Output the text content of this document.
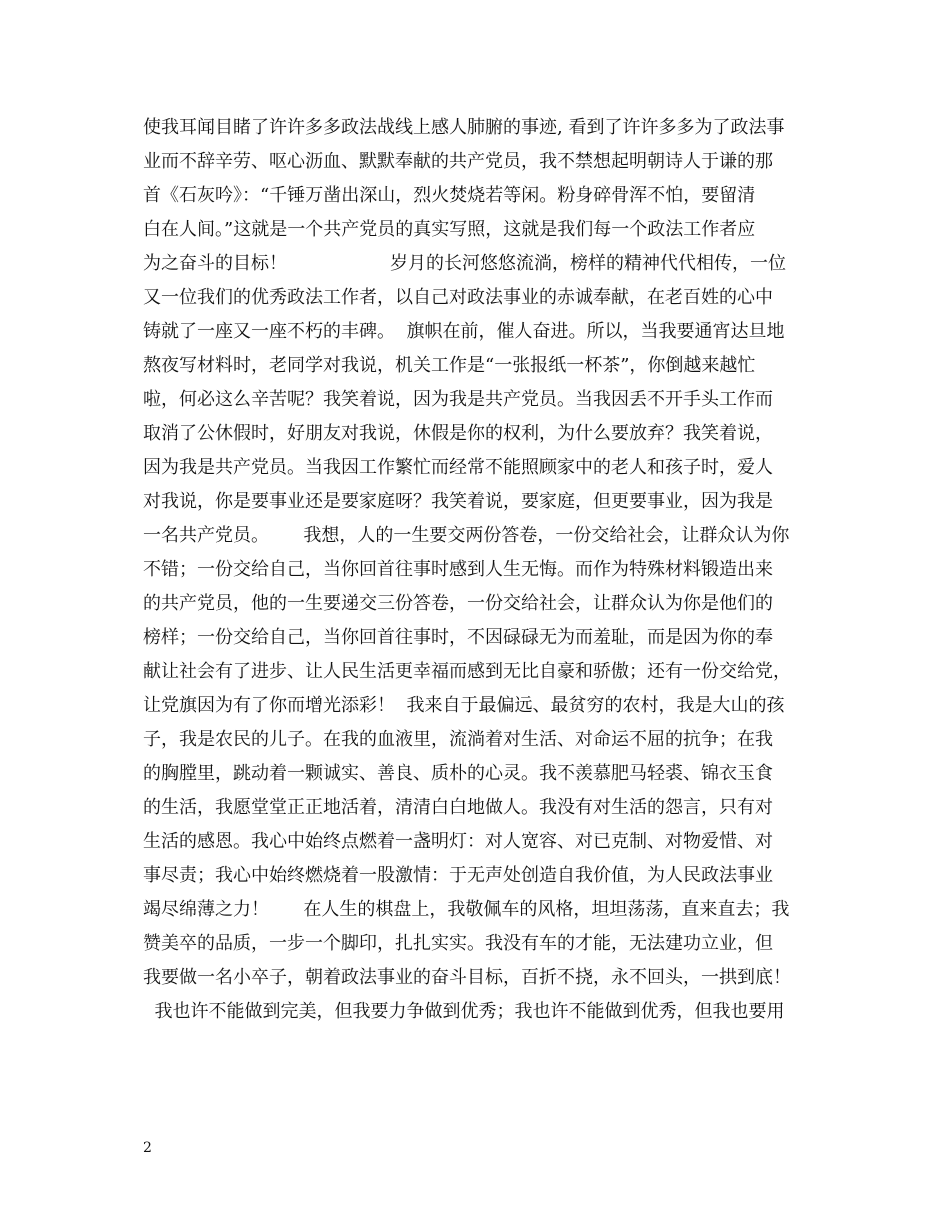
使我耳闻目睹了许许多多政法战线上感人肺腑的事迹, 看到了许许多多为了政法事
业而不辞辛劳、呕心沥血、默默奉献的共产党员，我不禁想起明朝诗人于谦的那
首《石灰吟》：“千锤万凿出深山，烈火焚烧若等闲。粉身碎骨浑不怕，要留清
白在人间。”这就是一个共产党员的真实写照，这就是我们每一个政法工作者应
为之奋斗的目标！                  岁月的长河悠悠流淌，榜样的精神代代相传，一位
又一位我们的优秀政法工作者，以自己对政法事业的赤诚奉献，在老百姓的心中
铸就了一座又一座不朽的丰碑。  旗帜在前，催人奋进。所以，当我要通宵达旦地
熬夜写材料时，老同学对我说，机关工作是“一张报纸一杯茶”，你倒越来越忙
啦，何必这么辛苦呢？我笑着说，因为我是共产党员。当我因丢不开手头工作而
取消了公休假时，好朋友对我说，休假是你的权利，为什么要放弃？我笑着说，
因为我是共产党员。当我因工作繁忙而经常不能照顾家中的老人和孩子时，爱人
对我说，你是要事业还是要家庭呀？我笑着说，要家庭，但更要事业，因为我是
一名共产党员。      我想，人的一生要交两份答卷，一份交给社会，让群众认为你
不错；一份交给自己，当你回首往事时感到人生无悔。而作为特殊材料锻造出来
的共产党员，他的一生要递交三份答卷，一份交给社会，让群众认为你是他们的
榜样；一份交给自己，当你回首往事时，不因碌碌无为而羞耻，而是因为你的奉
献让社会有了进步、让人民生活更幸福而感到无比自豪和骄傲；还有一份交给党，
让党旗因为有了你而增光添彩！  我来自于最偏远、最贫穷的农村，我是大山的孩
子，我是农民的儿子。在我的血液里，流淌着对生活、对命运不屈的抗争；在我
的胸膛里，跳动着一颗诚实、善良、质朴的心灵。我不羡慕肥马轻裘、锦衣玉食
的生活，我愿堂堂正正地活着，清清白白地做人。我没有对生活的怨言，只有对
生活的感恩。我心中始终点燃着一盏明灯：对人宽容、对已克制、对物爱惜、对
事尽责；我心中始终燃烧着一股激情：于无声处创造自我价值，为人民政法事业
竭尽绵薄之力！      在人生的棋盘上，我敬佩车的风格，坦坦荡荡，直来直去；我
赞美卒的品质，一步一个脚印，扎扎实实。我没有车的才能，无法建功立业，但
我要做一名小卒子，朝着政法事业的奋斗目标，百折不挠，永不回头，一拱到底！
我也许不能做到完美，但我要力争做到优秀；我也许不能做到优秀，但我也要用
2
